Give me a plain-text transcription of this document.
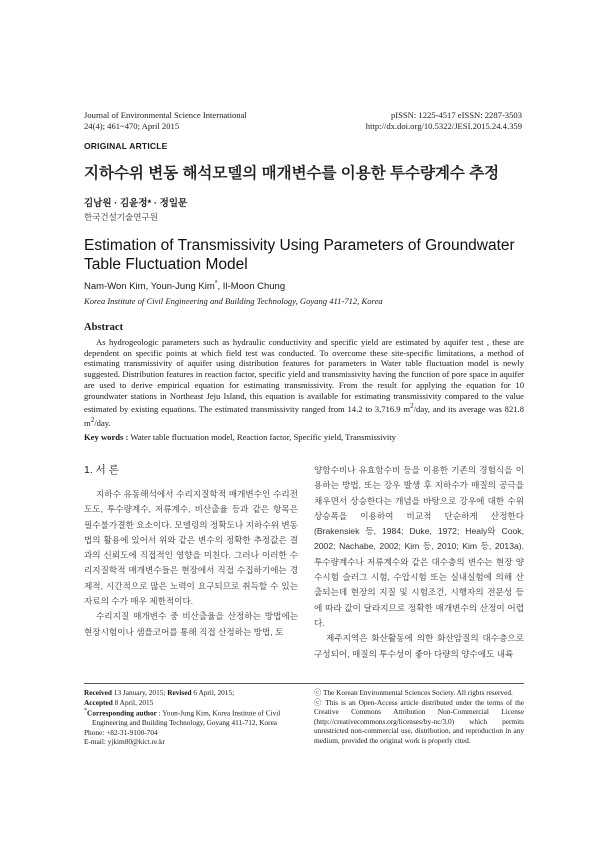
Journal of Environmental Science International
24(4); 461~470; April 2015
pISSN: 1225-4517 eISSN: 2287-3503
http://dx.doi.org/10.5322/JESI.2015.24.4.359
ORIGINAL ARTICLE
지하수위 변동 해석모델의 매개변수를 이용한 투수량계수 추정
김남원 · 김윤정* · 정일문
한국건설기술연구원
Estimation of Transmissivity Using Parameters of Groundwater Table Fluctuation Model
Nam-Won Kim, Youn-Jung Kim*, Il-Moon Chung
Korea Institute of Civil Engineering and Building Technology, Goyang 411-712, Korea
Abstract
As hydrogeologic parameters such as hydraulic conductivity and specific yield are estimated by aquifer test , these are dependent on specific points at which field test was conducted. To overcome these site-specific limitations, a method of estimating transmissivity of aquifer using distribution features for parameters in Water table fluctuation model is newly suggested. Distribution features in reaction factor, specific yield and transmissivity having the function of pore space in aquifer are used to derive empirical equation for estimating transmissivity. From the result for applying the equation for 10 groundwater stations in Northeast Jeju Island, this equation is available for estimating transmissivity compared to the value estimated by existing equations. The estimated transmissivity ranged from 14.2 to 3,716.9 $m^2$/day, and its average was 821.8 $m^2$/day.
Key words : Water table fluctuation model, Reaction factor, Specific yield, Transmissivity
1. 서 론

지하수 유동해석에서 수리지질학적 매개변수인 수리전도도, 투수량계수, 저류계수, 비산출율 등과 같은 항목은 필수불가결한 요소이다. 모델링의 정확도나 지하수위 변동법의 활용에 있어서 위와 같은 변수의 정확한 추정값은 결과의 신뢰도에 직접적인 영향을 미친다. 그러나 이러한 수리지질학적 매개변수들은 현장에서 직접 수집하기에는 경제적, 시간적으로 많은 노력이 요구되므로 취득할 수 있는 자료의 수가 매우 제한적이다.

수리지질 매개변수 중 비산출율을 산정하는 방법에는 현장시험이나 샘플코어를 통해 직접 산정하는 방법, 토

양함수비나 유효함수비 등을 이용한 기존의 경험식을 이용하는 방법, 또는 강우 발생 후 지하수가 매질의 공극을 채우면서 상승한다는 개념을 바탕으로 강우에 대한 수위 상승폭을 이용하여 비교적 단순하게 산정한다(Brakensiek 등, 1984; Duke, 1972; Healy와 Cook, 2002; Nachabe, 2002; Kim 등, 2010; Kim 등, 2013a). 투수량계수나 저류계수와 같은 대수층의 변수는 현장 양수시험 슬러그 시험, 수압시험 또는 실내실험에 의해 산출되는데 현장의 지질 및 시험조건, 시행자의 전문성 등에 따라 값이 달라지므로 정확한 매개변수의 산정이 어렵다.

제주지역은 화산활동에 의한 화산암질의 대수층으로 구성되어, 매질의 투수성이 좋아 다량의 양수에도 내륙

Received 13 January, 2015; Revised 6 April, 2015;

Accepted 8 April, 2015

*Corresponding author : Youn-Jung Kim, Korea Institute of Civil Engineering and Building Technology, Goyang 411-712, Korea

Phone: +82-31-9100-704

E-mail: yjkim80@kict.re.kr

ⓒ The Korean Environmental Sciences Society. All rights reserved.

ⓒ This is an Open-Access article distributed under the terms of the Creative Commons Attribution Non-Commercial License (http://creativecommons.org/licenses/by-nc/3.0) which permits unrestricted non-commercial use, distribution, and reproduction in any medium, provided the original work is properly cited.
